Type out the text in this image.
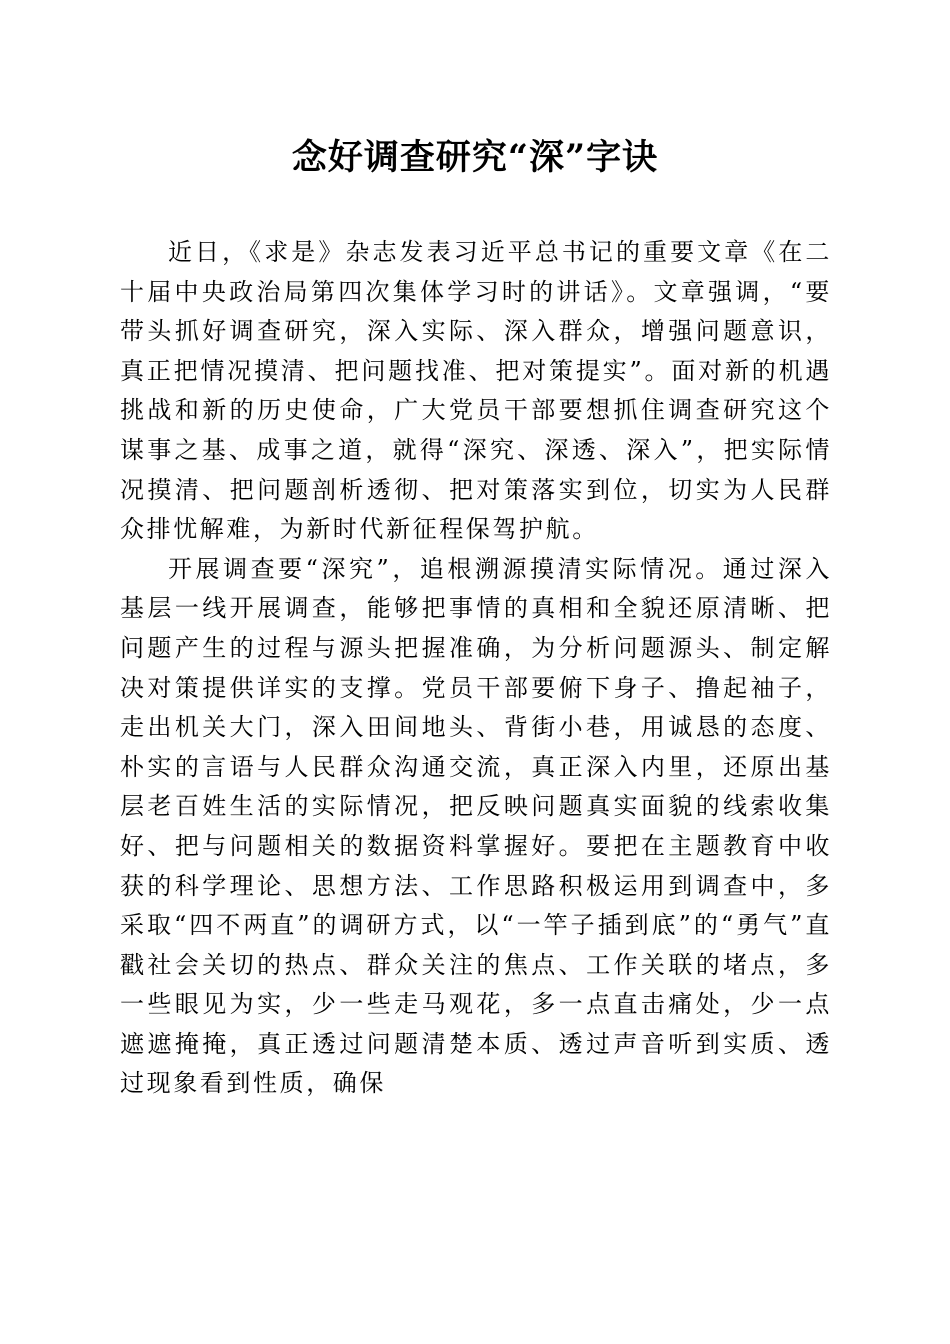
念好调查研究“深”字诀

近日，《求是》杂志发表习近平总书记的重要文章《在二十届中央政治局第四次集体学习时的讲话》。文章强调，“要带头抓好调查研究，深入实际、深入群众，增强问题意识，真正把情况摸清、把问题找准、把对策提实”。面对新的机遇挑战和新的历史使命，广大党员干部要想抓住调查研究这个谋事之基、成事之道，就得“深究、深透、深入”，把实际情况摸清、把问题剖析透彻、把对策落实到位，切实为人民群众排忧解难，为新时代新征程保驾护航。

开展调查要“深究”，追根溯源摸清实际情况。通过深入基层一线开展调查，能够把事情的真相和全貌还原清晰、把问题产生的过程与源头把握准确，为分析问题源头、制定解决对策提供详实的支撑。党员干部要俯下身子、撸起袖子，走出机关大门，深入田间地头、背街小巷，用诚恳的态度、朴实的言语与人民群众沟通交流，真正深入内里，还原出基层老百姓生活的实际情况，把反映问题真实面貌的线索收集好、把与问题相关的数据资料掌握好。要把在主题教育中收获的科学理论、思想方法、工作思路积极运用到调查中，多采取“四不两直”的调研方式，以“一竿子插到底”的“勇气”直戳社会关切的热点、群众关注的焦点、工作关联的堵点，多一些眼见为实，少一些走马观花，多一点直击痛处，少一点遮遮掩掩，真正透过问题清楚本质、透过声音听到实质、透过现象看到性质，确保
